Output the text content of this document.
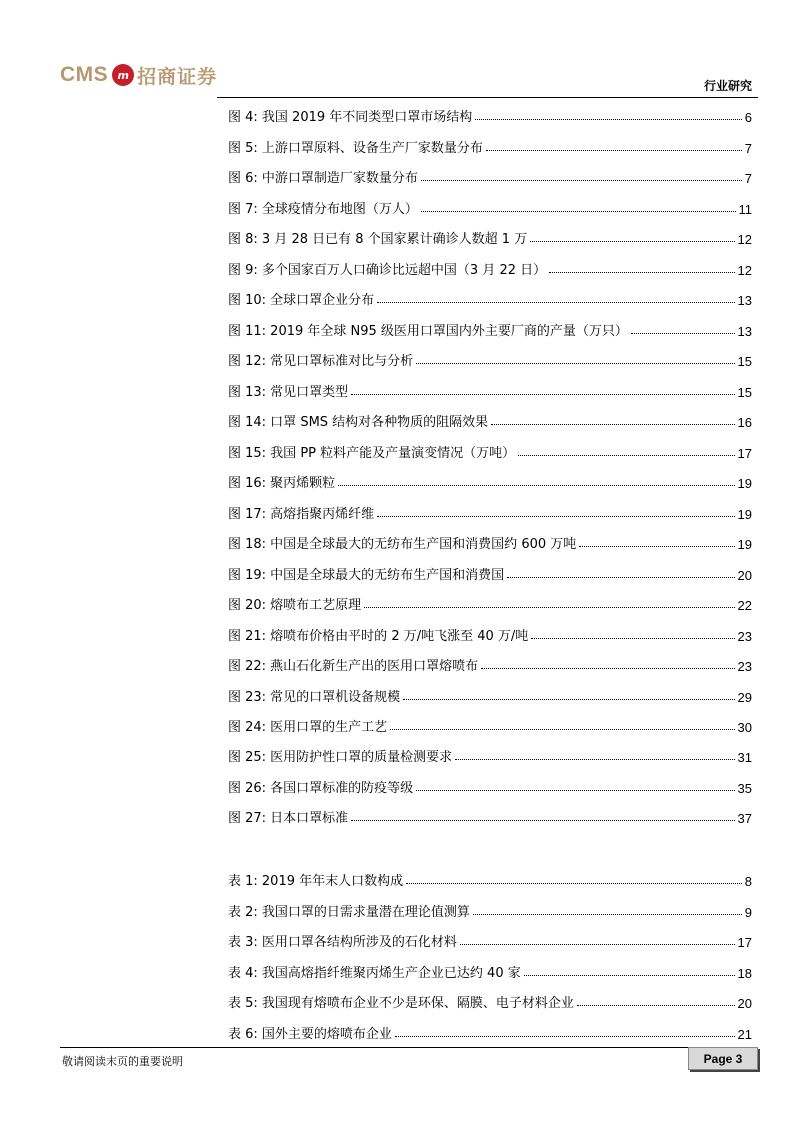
CMS m 招商证券	行业研究
图 4: 我国 2019 年不同类型口罩市场结构	6
图 5: 上游口罩原料、设备生产厂家数量分布	7
图 6: 中游口罩制造厂家数量分布	7
图 7: 全球疫情分布地图（万人）	11
图 8: 3 月 28 日已有 8 个国家累计确诊人数超 1 万	12
图 9: 多个国家百万人口确诊比远超中国（3 月 22 日）	12
图 10: 全球口罩企业分布	13
图 11: 2019 年全球 N95 级医用口罩国内外主要厂商的产量（万只）	13
图 12: 常见口罩标准对比与分析	15
图 13: 常见口罩类型	15
图 14: 口罩 SMS 结构对各种物质的阻隔效果	16
图 15: 我国 PP 粒料产能及产量演变情况（万吨）	17
图 16: 聚丙烯颗粒	19
图 17: 高熔指聚丙烯纤维	19
图 18: 中国是全球最大的无纺布生产国和消费国约 600 万吨	19
图 19: 中国是全球最大的无纺布生产国和消费国	20
图 20: 熔喷布工艺原理	22
图 21: 熔喷布价格由平时的 2 万/吨飞涨至 40 万/吨	23
图 22: 燕山石化新生产出的医用口罩熔喷布	23
图 23: 常见的口罩机设备规模	29
图 24: 医用口罩的生产工艺	30
图 25: 医用防护性口罩的质量检测要求	31
图 26: 各国口罩标准的防疫等级	35
图 27: 日本口罩标准	37
表 1: 2019 年年末人口数构成	8
表 2: 我国口罩的日需求量潜在理论值测算	9
表 3: 医用口罩各结构所涉及的石化材料	17
表 4: 我国高熔指纤维聚丙烯生产企业已达约 40 家	18
表 5: 我国现有熔喷布企业不少是环保、隔膜、电子材料企业	20
表 6: 国外主要的熔喷布企业	21
敬请阅读末页的重要说明	Page 3
